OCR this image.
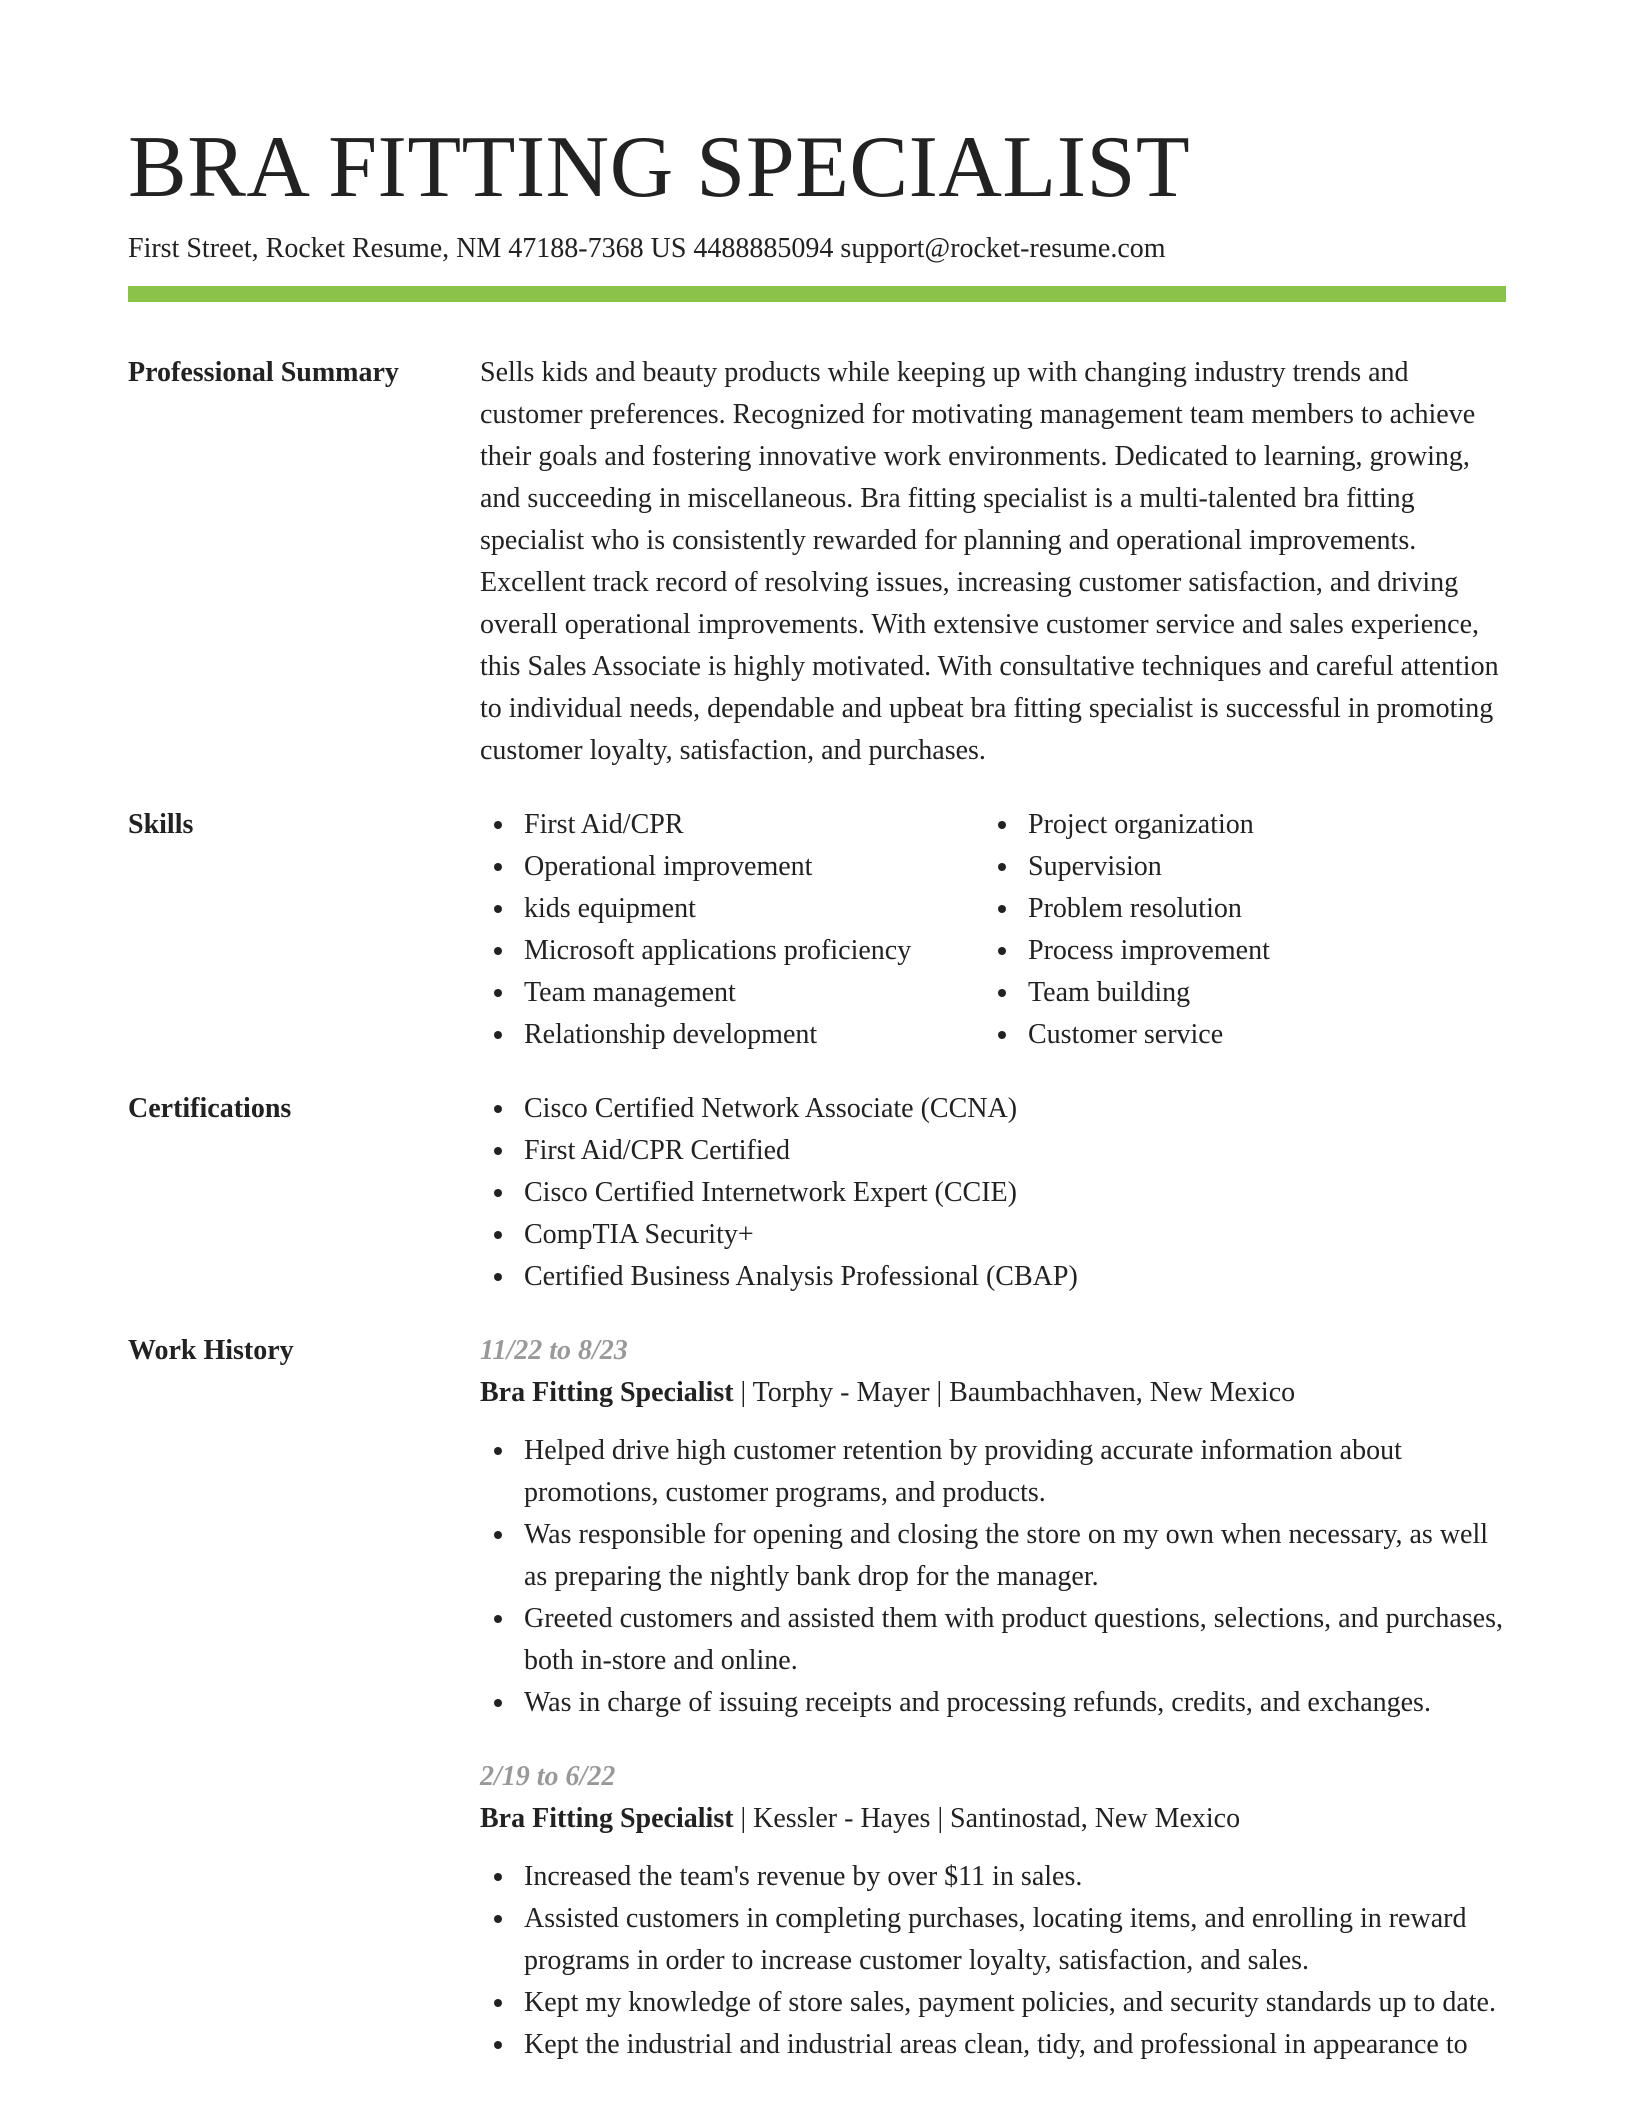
BRA FITTING SPECIALIST
First Street, Rocket Resume, NM 47188-7368 US 4488885094 support@rocket-resume.com
Professional Summary	Sells kids and beauty products while keeping up with changing industry trends and customer preferences. Recognized for motivating management team members to achieve their goals and fostering innovative work environments. Dedicated to learning, growing, and succeeding in miscellaneous. Bra fitting specialist is a multi-talented bra fitting specialist who is consistently rewarded for planning and operational improvements. Excellent track record of resolving issues, increasing customer satisfaction, and driving overall operational improvements. With extensive customer service and sales experience, this Sales Associate is highly motivated. With consultative techniques and careful attention to individual needs, dependable and upbeat bra fitting specialist is successful in promoting customer loyalty, satisfaction, and purchases.

Skills	First Aid/CPR
Operational improvement
kids equipment
Microsoft applications proficiency
Team management
Relationship development
Project organization
Supervision
Problem resolution
Process improvement
Team building
Customer service
Certifications	Cisco Certified Network Associate (CCNA)
First Aid/CPR Certified
Cisco Certified Internetwork Expert (CCIE)
CompTIA Security+
Certified Business Analysis Professional (CBAP)
Work History	11/22 to 8/23
Bra Fitting Specialist | Torphy - Mayer | Baumbachhaven, New Mexico
Helped drive high customer retention by providing accurate information about promotions, customer programs, and products.
Was responsible for opening and closing the store on my own when necessary, as well as preparing the nightly bank drop for the manager.
Greeted customers and assisted them with product questions, selections, and purchases, both in-store and online.
Was in charge of issuing receipts and processing refunds, credits, and exchanges.
2/19 to 6/22
Bra Fitting Specialist | Kessler - Hayes | Santinostad, New Mexico
Increased the team's revenue by over $11 in sales.
Assisted customers in completing purchases, locating items, and enrolling in reward programs in order to increase customer loyalty, satisfaction, and sales.
Kept my knowledge of store sales, payment policies, and security standards up to date.
Kept the industrial and industrial areas clean, tidy, and professional in appearance to
